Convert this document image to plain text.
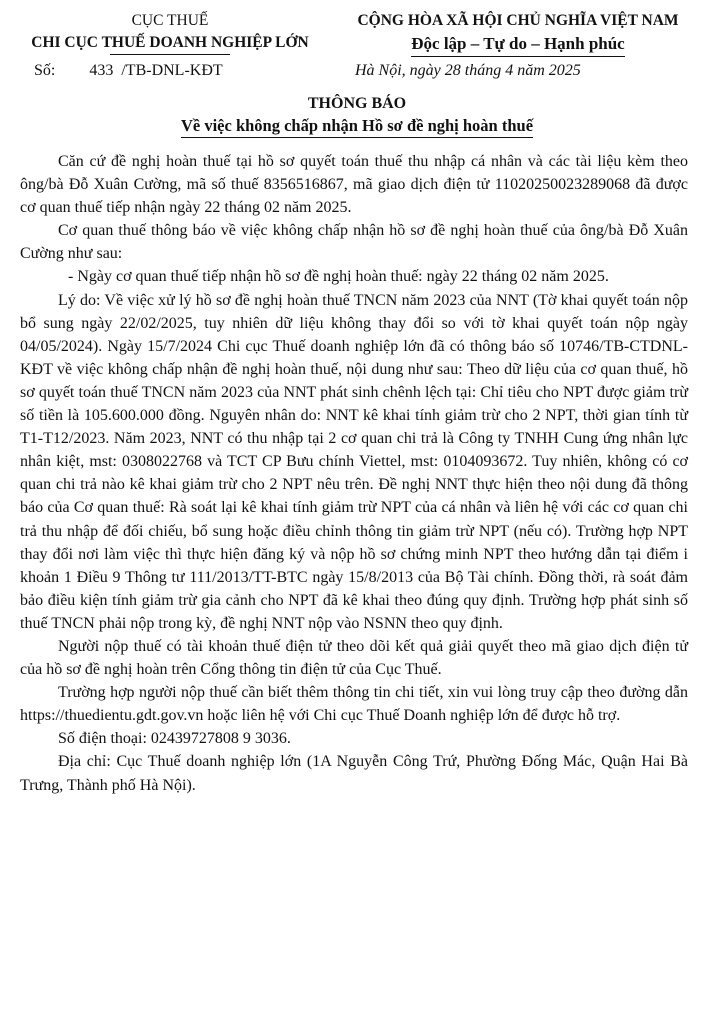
CỤC THUẾ
CHI CỤC THUẾ DOANH NGHIỆP LỚN
CỘNG HÒA XÃ HỘI CHỦ NGHĨA VIỆT NAM
Độc lập – Tự do – Hạnh phúc
Số: 433 /TB-DNL-KĐT	Hà Nội, ngày 28 tháng 4 năm 2025
THÔNG BÁO
Về việc không chấp nhận Hồ sơ đề nghị hoàn thuế

Căn cứ đề nghị hoàn thuế tại hồ sơ quyết toán thuế thu nhập cá nhân và các tài liệu kèm theo ông/bà Đỗ Xuân Cường, mã số thuế 8356516867, mã giao dịch điện tử 11020250023289068 đã được cơ quan thuế tiếp nhận ngày 22 tháng 02 năm 2025.

Cơ quan thuế thông báo về việc không chấp nhận hồ sơ đề nghị hoàn thuế của ông/bà Đỗ Xuân Cường như sau:

- Ngày cơ quan thuế tiếp nhận hồ sơ đề nghị hoàn thuế: ngày 22 tháng 02 năm 2025.

Lý do: Về việc xử lý hồ sơ đề nghị hoàn thuế TNCN năm 2023 của NNT (Tờ khai quyết toán nộp bổ sung ngày 22/02/2025, tuy nhiên dữ liệu không thay đổi so với tờ khai quyết toán nộp ngày 04/05/2024). Ngày 15/7/2024 Chi cục Thuế doanh nghiệp lớn đã có thông báo số 10746/TB-CTDNL-KĐT về việc không chấp nhận đề nghị hoàn thuế, nội dung như sau: Theo dữ liệu của cơ quan thuế, hồ sơ quyết toán thuế TNCN năm 2023 của NNT phát sinh chênh lệch tại: Chỉ tiêu cho NPT được giảm trừ số tiền là 105.600.000 đồng. Nguyên nhân do: NNT kê khai tính giảm trừ cho 2 NPT, thời gian tính từ T1-T12/2023. Năm 2023, NNT có thu nhập tại 2 cơ quan chi trả là Công ty TNHH Cung ứng nhân lực nhân kiệt, mst: 0308022768 và TCT CP Bưu chính Viettel, mst: 0104093672. Tuy nhiên, không có cơ quan chi trả nào kê khai giảm trừ cho 2 NPT nêu trên. Đề nghị NNT thực hiện theo nội dung đã thông báo của Cơ quan thuế: Rà soát lại kê khai tính giảm trừ NPT của cá nhân và liên hệ với các cơ quan chi trả thu nhập để đối chiếu, bổ sung hoặc điều chỉnh thông tin giảm trừ NPT (nếu có). Trường hợp NPT thay đổi nơi làm việc thì thực hiện đăng ký và nộp hồ sơ chứng minh NPT theo hướng dẫn tại điểm i khoản 1 Điều 9 Thông tư 111/2013/TT-BTC ngày 15/8/2013 của Bộ Tài chính. Đồng thời, rà soát đảm bảo điều kiện tính giảm trừ gia cảnh cho NPT đã kê khai theo đúng quy định. Trường hợp phát sinh số thuế TNCN phải nộp trong kỳ, đề nghị NNT nộp vào NSNN theo quy định.

Người nộp thuế có tài khoản thuế điện tử theo dõi kết quả giải quyết theo mã giao dịch điện tử của hồ sơ đề nghị hoàn trên Cổng thông tin điện tử của Cục Thuế.

Trường hợp người nộp thuế cần biết thêm thông tin chi tiết, xin vui lòng truy cập theo đường dẫn https://thuedientu.gdt.gov.vn hoặc liên hệ với Chi cục Thuế Doanh nghiệp lớn để được hỗ trợ.

Số điện thoại: 02439727808 9 3036.

Địa chỉ: Cục Thuế doanh nghiệp lớn (1A Nguyễn Công Trứ, Phường Đống Mác, Quận Hai Bà Trưng, Thành phố Hà Nội).
